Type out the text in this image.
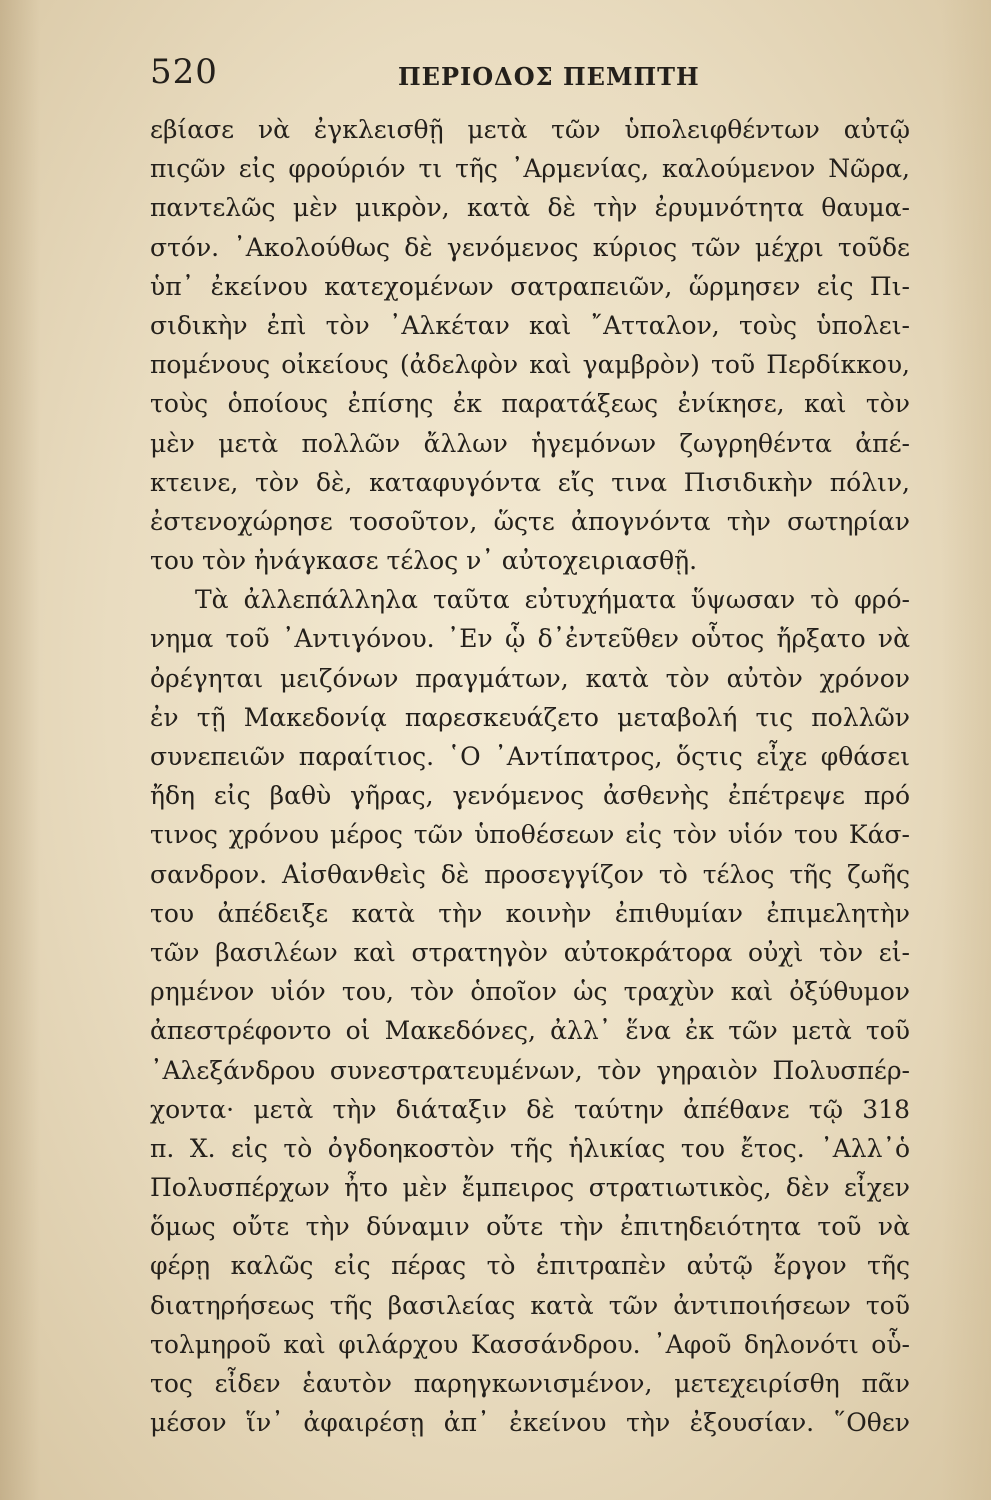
520	ΠΕΡΙΟΔΟΣ ΠΕΜΠΤΗ
εβίασε νὰ ἐγκλεισθῇ μετὰ τῶν ὑπολειφθέντων αὐτῷ
πιςῶν εἰς φρούριόν τι τῆς ᾽Αρμενίας, καλούμενον Νῶρα,
παντελῶς μὲν μικρὸν, κατὰ δὲ τὴν ἐρυμνότητα θαυμα-
στόν. ᾽Ακολούθως δὲ γενόμενος κύριος τῶν μέχρι τοῦδε
ὑπ᾽ ἐκείνου κατεχομένων σατραπειῶν, ὥρμησεν εἰς Πι-
σιδικὴν ἐπὶ τὸν ᾽Αλκέταν καὶ ῎Ατταλον, τοὺς ὑπολει-
πομένους οἰκείους (ἀδελφὸν καὶ γαμβρὸν) τοῦ Περδίκκου,
τοὺς ὁποίους ἐπίσης ἐκ παρατάξεως ἐνίκησε, καὶ τὸν
μὲν μετὰ πολλῶν ἄλλων ἡγεμόνων ζωγρηθέντα ἀπέ-
κτεινε, τὸν δὲ, καταφυγόντα εἴς τινα Πισιδικὴν πόλιν,
ἐστενοχώρησε τοσοῦτον, ὥςτε ἀπογνόντα τὴν σωτηρίαν
του τὸν ἠνάγκασε τέλος ν᾽ αὐτοχειριασθῇ.
Τὰ ἀλλεπάλληλα ταῦτα εὐτυχήματα ὕψωσαν τὸ φρό-
νημα τοῦ ᾽Αντιγόνου. ᾽Εν ᾧ δ᾽ἐντεῦθεν οὗτος ἤρξατο νὰ
ὀρέγηται μειζόνων πραγμάτων, κατὰ τὸν αὐτὸν χρόνον
ἐν τῇ Μακεδονίᾳ παρεσκευάζετο μεταβολή τις πολλῶν
συνεπειῶν παραίτιος. ῾Ο ᾽Αντίπατρος, ὅςτις εἶχε φθάσει
ἤδη εἰς βαθὺ γῆρας, γενόμενος ἀσθενὴς ἐπέτρεψε πρό
τινος χρόνου μέρος τῶν ὑποθέσεων εἰς τὸν υἱόν του Κάσ-
σανδρον. Αἰσθανθεὶς δὲ προσεγγίζον τὸ τέλος τῆς ζωῆς
του ἀπέδειξε κατὰ τὴν κοινὴν ἐπιθυμίαν ἐπιμελητὴν
τῶν βασιλέων καὶ στρατηγὸν αὐτοκράτορα οὐχὶ τὸν εἰ-
ρημένον υἱόν του, τὸν ὁποῖον ὡς τραχὺν καὶ ὀξύθυμον
ἀπεστρέφοντο οἱ Μακεδόνες, ἀλλ᾽ ἕνα ἐκ τῶν μετὰ τοῦ
᾽Αλεξάνδρου συνεστρατευμένων, τὸν γηραιὸν Πολυσπέρ-
χοντα· μετὰ τὴν διάταξιν δὲ ταύτην ἀπέθανε τῷ 318
π. Χ. εἰς τὸ ὀγδοηκοστὸν τῆς ἡλικίας του ἔτος. ᾽Αλλ᾽ὁ
Πολυσπέρχων ἦτο μὲν ἔμπειρος στρατιωτικὸς, δὲν εἶχεν
ὅμως οὔτε τὴν δύναμιν οὔτε τὴν ἐπιτηδειότητα τοῦ νὰ
φέρῃ καλῶς εἰς πέρας τὸ ἐπιτραπὲν αὐτῷ ἔργον τῆς
διατηρήσεως τῆς βασιλείας κατὰ τῶν ἀντιποιήσεων τοῦ
τολμηροῦ καὶ φιλάρχου Κασσάνδρου. ᾽Αφοῦ δηλονότι οὗ-
τος εἶδεν ἑαυτὸν παρηγκωνισμένον, μετεχειρίσθη πᾶν
μέσον ἵν᾽ ἀφαιρέσῃ ἀπ᾽ ἐκείνου τὴν ἐξουσίαν. ῞Οθεν
